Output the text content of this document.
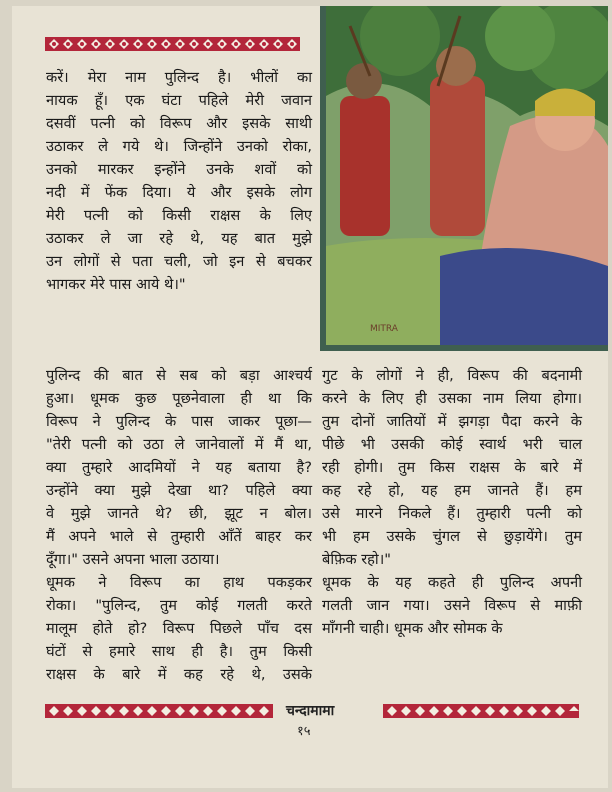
MITRA
करें। मेरा नाम पुलिन्द है। भीलों का
नायक हूँ। एक घंटा पहिले मेरी जवान
दसवीं पत्नी को विरूप और इसके साथी
उठाकर ले गये थे। जिन्होंने उनको रोका,
उनको मारकर इन्होंने उनके शवों को
नदी में फेंक दिया। ये और इसके लोग
मेरी पत्नी को किसी राक्षस के लिए
उठाकर ले जा रहे थे, यह बात मुझे
उन लोगों से पता चली, जो इन से बचकर
भागकर मेरे पास आये थे।"
पुलिन्द की बात से सब को बड़ा आश्चर्य
हुआ। धूमक कुछ पूछनेवाला ही था कि
विरूप ने पुलिन्द के पास जाकर पूछा—
"तेरी पत्नी को उठा ले जानेवालों में मैं था,
क्या तुम्हारे आदमियों ने यह बताया है?
उन्होंने क्या मुझे देखा था? पहिले क्या
वे मुझे जानते थे? छी, झूट न बोल।
मैं अपने भाले से तुम्हारी आँतें बाहर कर
दूँगा।" उसने अपना भाला उठाया।
धूमक ने विरूप का हाथ पकड़कर
रोका। "पुलिन्द, तुम कोई गलती करते
मालूम होते हो? विरूप पिछले पाँच दस
घंटों से हमारे साथ ही है। तुम किसी
राक्षस के बारे में कह रहे थे, उसके
गुट के लोगों ने ही, विरूप की बदनामी
करने के लिए ही उसका नाम लिया होगा।
तुम दोनों जातियों में झगड़ा पैदा करने के
पीछे भी उसकी कोई स्वार्थ भरी चाल
रही होगी। तुम किस राक्षस के बारे में
कह रहे हो, यह हम जानते हैं। हम
उसे मारने निकले हैं। तुम्हारी पत्नी को
भी हम उसके चुंगल से छुड़ायेंगे। तुम
बेफ़िक रहो।"
धूमक के यह कहते ही पुलिन्द अपनी
गलती जान गया। उसने विरूप से माफ़ी
माँगनी चाही। धूमक और सोमक के
चन्दामामा
१५
